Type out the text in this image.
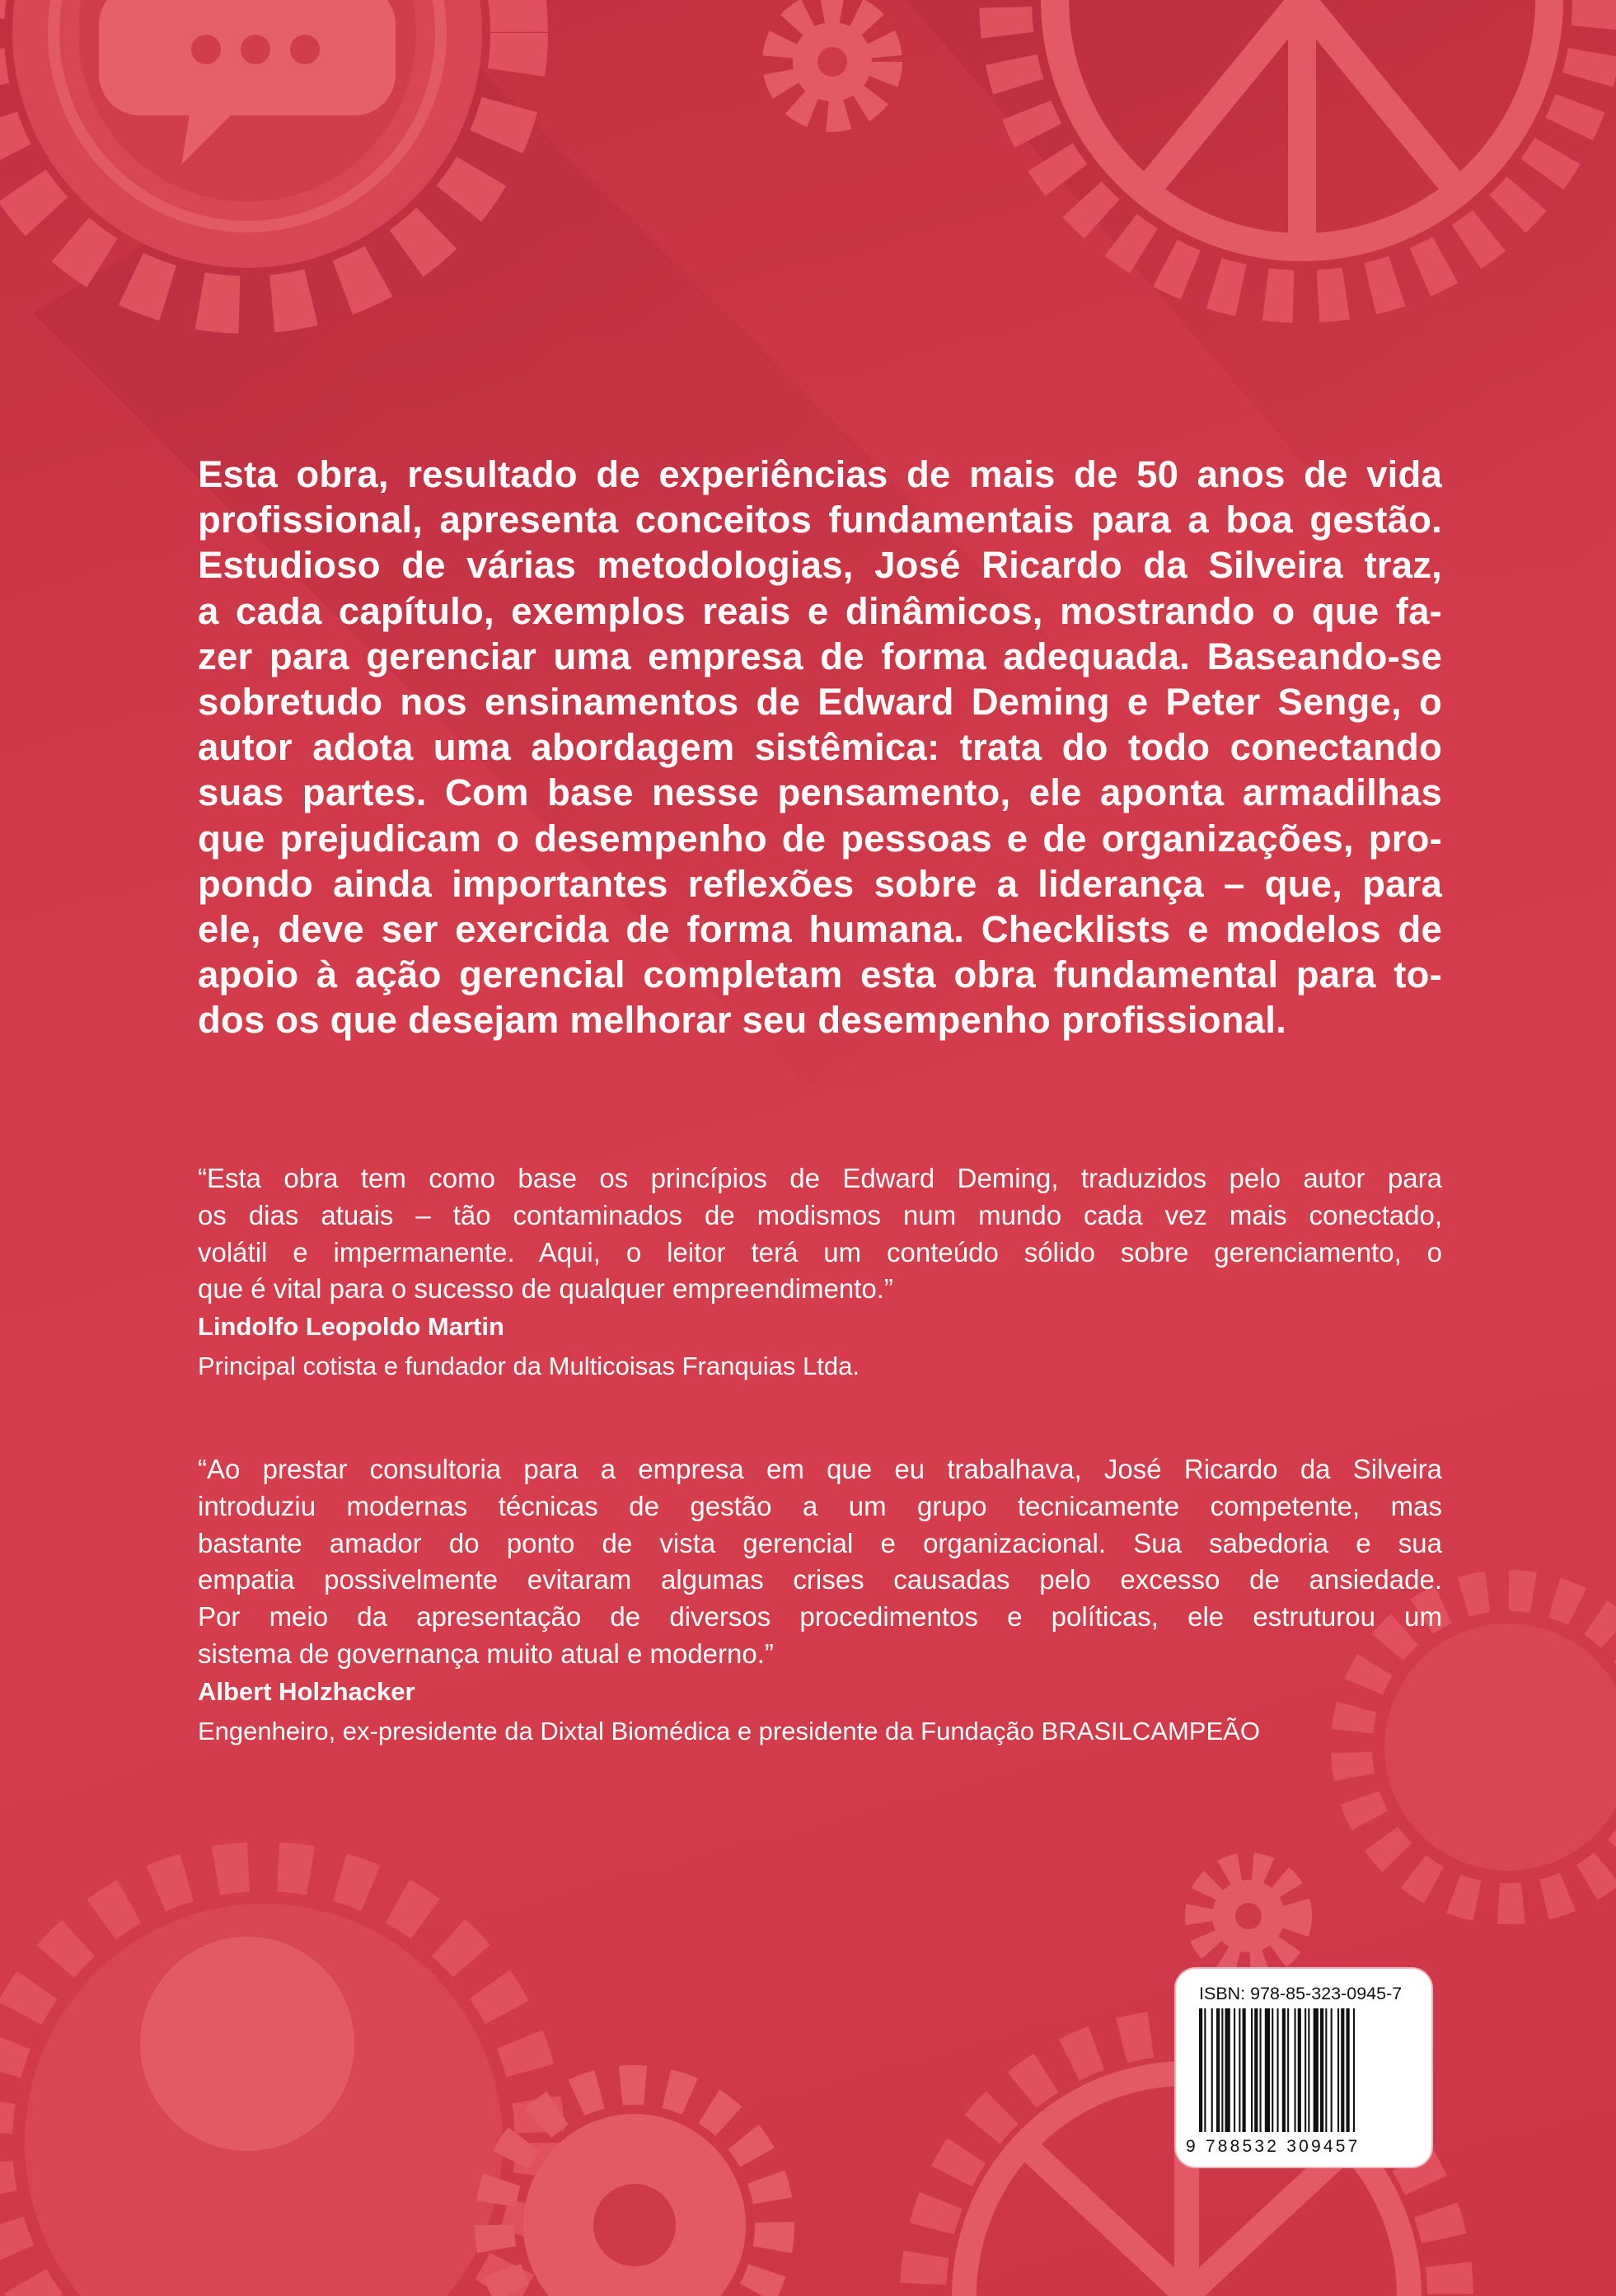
Esta obra, resultado de experiências de mais de 50 anos de vida
profissional, apresenta conceitos fundamentais para a boa gestão.
Estudioso de várias metodologias, José Ricardo da Silveira traz,
a cada capítulo, exemplos reais e dinâmicos, mostrando o que fa-
zer para gerenciar uma empresa de forma adequada. Baseando-se
sobretudo nos ensinamentos de Edward Deming e Peter Senge, o
autor adota uma abordagem sistêmica: trata do todo conectando
suas partes. Com base nesse pensamento, ele aponta armadilhas
que prejudicam o desempenho de pessoas e de organizações, pro-
pondo ainda importantes reflexões sobre a liderança – que, para
ele, deve ser exercida de forma humana. Checklists e modelos de
apoio à ação gerencial completam esta obra fundamental para to-
dos os que desejam melhorar seu desempenho profissional.

“Esta obra tem como base os princípios de Edward Deming, traduzidos pelo autor para
os dias atuais – tão contaminados de modismos num mundo cada vez mais conectado,
volátil e impermanente. Aqui, o leitor terá um conteúdo sólido sobre gerenciamento, o
que é vital para o sucesso de qualquer empreendimento.”

Lindolfo Leopoldo Martin

Principal cotista e fundador da Multicoisas Franquias Ltda.

“Ao prestar consultoria para a empresa em que eu trabalhava, José Ricardo da Silveira
introduziu modernas técnicas de gestão a um grupo tecnicamente competente, mas
bastante amador do ponto de vista gerencial e organizacional. Sua sabedoria e sua
empatia possivelmente evitaram algumas crises causadas pelo excesso de ansiedade.
Por meio da apresentação de diversos procedimentos e políticas, ele estruturou um
sistema de governança muito atual e moderno.”

Albert Holzhacker

Engenheiro, ex-presidente da Dixtal Biomédica e presidente da Fundação BRASILCAMPEÃO

ISBN: 978-85-323-0945-7
9 788532 309457
